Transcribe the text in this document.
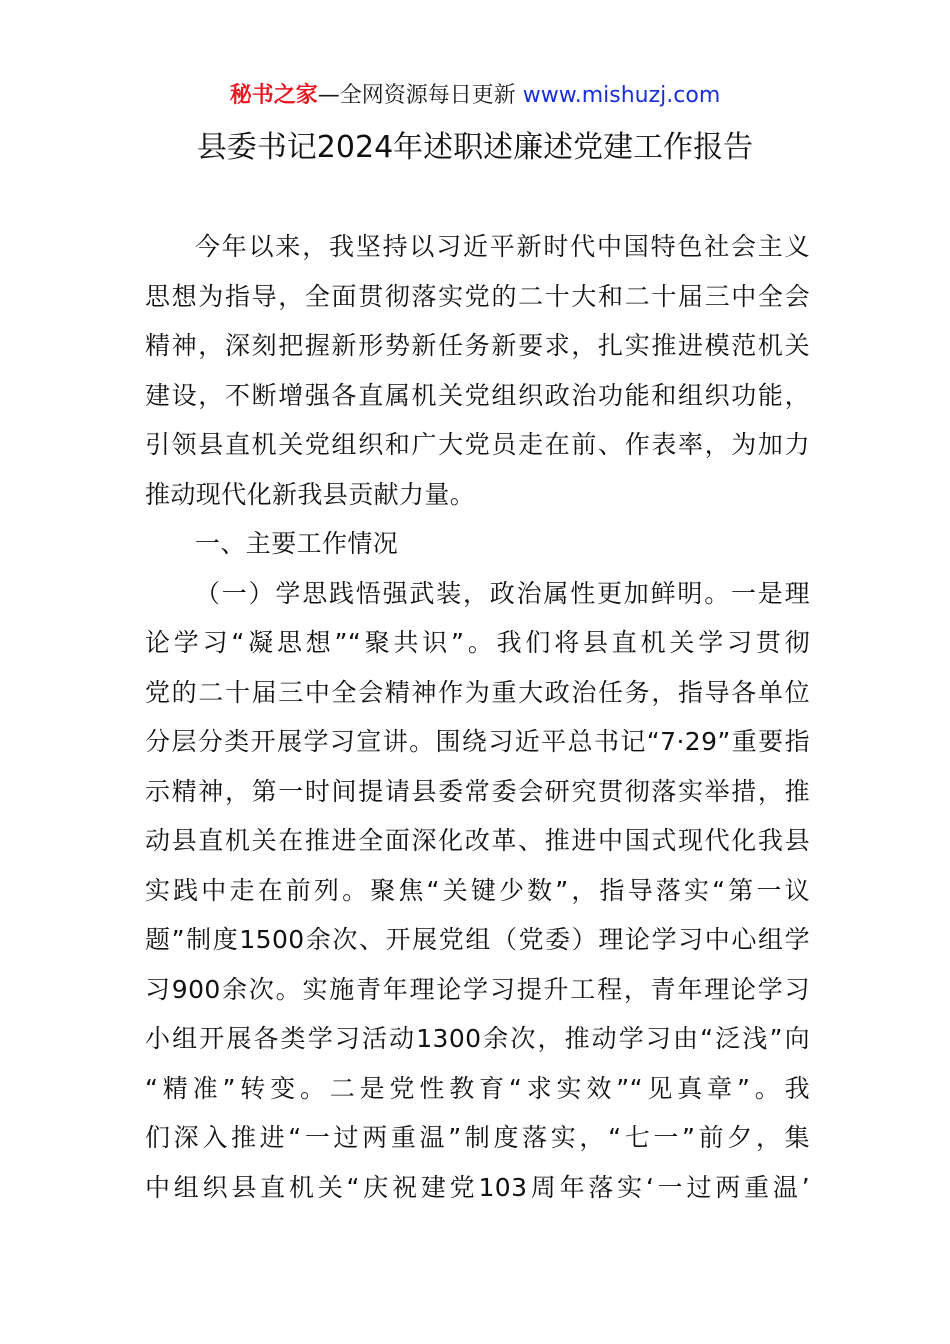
秘书之家—全网资源每日更新 www.mishuzj.com
县委书记2024年述职述廉述党建工作报告
今年以来，我坚持以习近平新时代中国特色社会主义
思想为指导，全面贯彻落实党的二十大和二十届三中全会
精神，深刻把握新形势新任务新要求，扎实推进模范机关
建设，不断增强各直属机关党组织政治功能和组织功能，
引领县直机关党组织和广大党员走在前、作表率，为加力
推动现代化新我县贡献力量。
一、主要工作情况
（一）学思践悟强武装，政治属性更加鲜明。一是理
论学习“凝思想”“聚共识”。我们将县直机关学习贯彻
党的二十届三中全会精神作为重大政治任务，指导各单位
分层分类开展学习宣讲。围绕习近平总书记“7·29”重要指
示精神，第一时间提请县委常委会研究贯彻落实举措，推
动县直机关在推进全面深化改革、推进中国式现代化我县
实践中走在前列。聚焦“关键少数”，指导落实“第一议
题”制度1500余次、开展党组（党委）理论学习中心组学
习900余次。实施青年理论学习提升工程，青年理论学习
小组开展各类学习活动1300余次，推动学习由“泛浅”向
“精准”转变。二是党性教育“求实效”“见真章”。我
们深入推进“一过两重温”制度落实，“七一”前夕，集
中组织县直机关“庆祝建党103周年落实‘一过两重温’
